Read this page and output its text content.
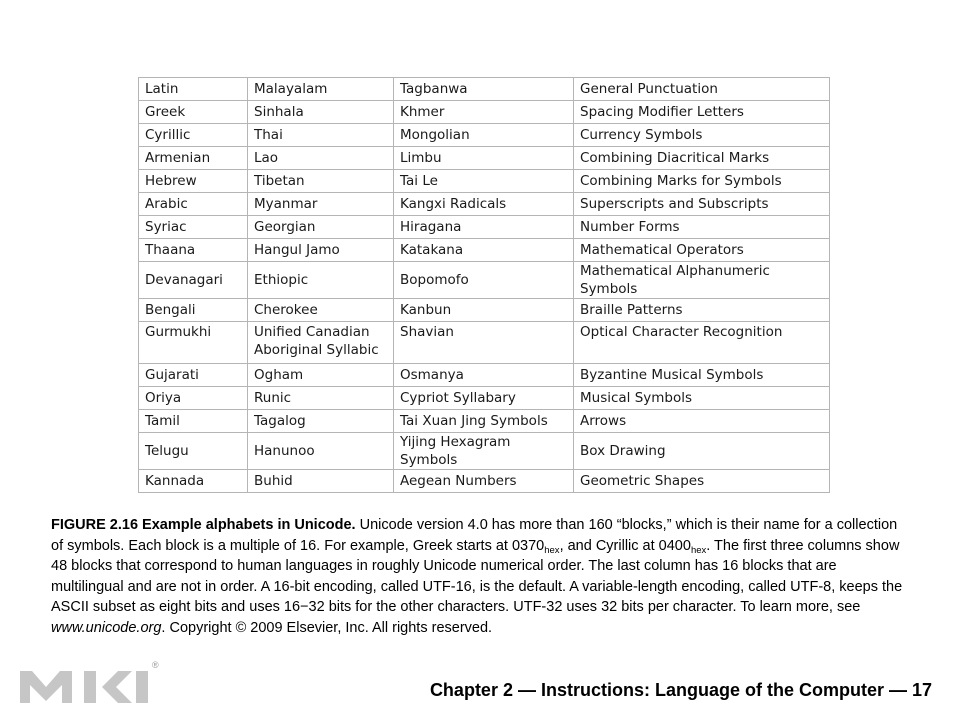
Latin	Malayalam	Tagbanwa	General Punctuation
Greek	Sinhala	Khmer	Spacing Modifier Letters
Cyrillic	Thai	Mongolian	Currency Symbols
Armenian	Lao	Limbu	Combining Diacritical Marks
Hebrew	Tibetan	Tai Le	Combining Marks for Symbols
Arabic	Myanmar	Kangxi Radicals	Superscripts and Subscripts
Syriac	Georgian	Hiragana	Number Forms
Thaana	Hangul Jamo	Katakana	Mathematical Operators
Devanagari	Ethiopic	Bopomofo	Mathematical Alphanumeric Symbols
Bengali	Cherokee	Kanbun	Braille Patterns
Gurmukhi	Unified Canadian Aboriginal Syllabic	Shavian	Optical Character Recognition
Gujarati	Ogham	Osmanya	Byzantine Musical Symbols
Oriya	Runic	Cypriot Syllabary	Musical Symbols
Tamil	Tagalog	Tai Xuan Jing Symbols	Arrows
Telugu	Hanunoo	Yijing Hexagram Symbols	Box Drawing
Kannada	Buhid	Aegean Numbers	Geometric Shapes
FIGURE 2.16 Example alphabets in Unicode. Unicode version 4.0 has more than 160 “blocks,” which is their name for a collection of symbols. Each block is a multiple of 16. For example, Greek starts at $0370_{hex}$, and Cyrillic at $0400_{hex}$. The first three columns show 48 blocks that correspond to human languages in roughly Unicode numerical order. The last column has 16 blocks that are multilingual and are not in order. A 16-bit encoding, called UTF-16, is the default. A variable-length encoding, called UTF-8, keeps the ASCII subset as eight bits and uses 16−32 bits for the other characters. UTF-32 uses 32 bits per character. To learn more, see www.unicode.org. Copyright © 2009 Elsevier, Inc. All rights reserved.
®
Chapter 2 — Instructions: Language of the Computer — 17
